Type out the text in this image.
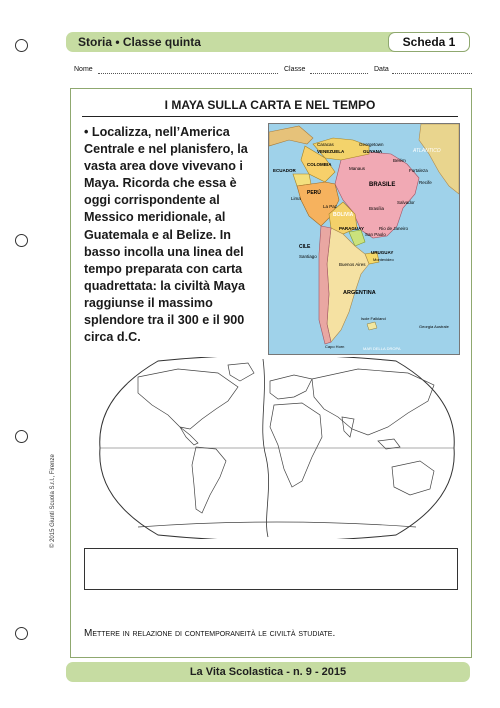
Storia • Classe quinta	Scheda 1
Nome	Classe	Data
I MAYA SULLA CARTA E NEL TEMPO
• Localizza, nell’America Centrale e nel planisfero, la vasta area dove vivevano i Maya. Ricorda che essa è oggi corrispondente al Messico meridionale, al Guatemala e al Belize. In basso incolla una linea del tempo preparata con carta quadrettata: la civiltà Maya raggiunse il massimo splendore tra il 300 e il 900 circa d.C.
Caracas
VENEZUELA
Georgetown
GUYANA
COLOMBIA
ECUADOR	Manaus
Belém
Fortaleza
ATLANTICO
Recife
BRASILE
Lima
PERÚ
La Paz
BOLIVIA
Salvador
Brasília
PARAGUAY	Rio de Janeiro
San Paolo
CILE
URUGUAY
Montevideo
Santiago
Buenos Aires
ARGENTINA
Isole Falkland
Georgia Australe
Capo Horn	MAR DELLA DROPA
Mettere in relazione di contemporaneità le civiltà studiate.
La Vita Scolastica - n. 9 - 2015
© 2015 Giunti Scuola S.r.l., Firenze
